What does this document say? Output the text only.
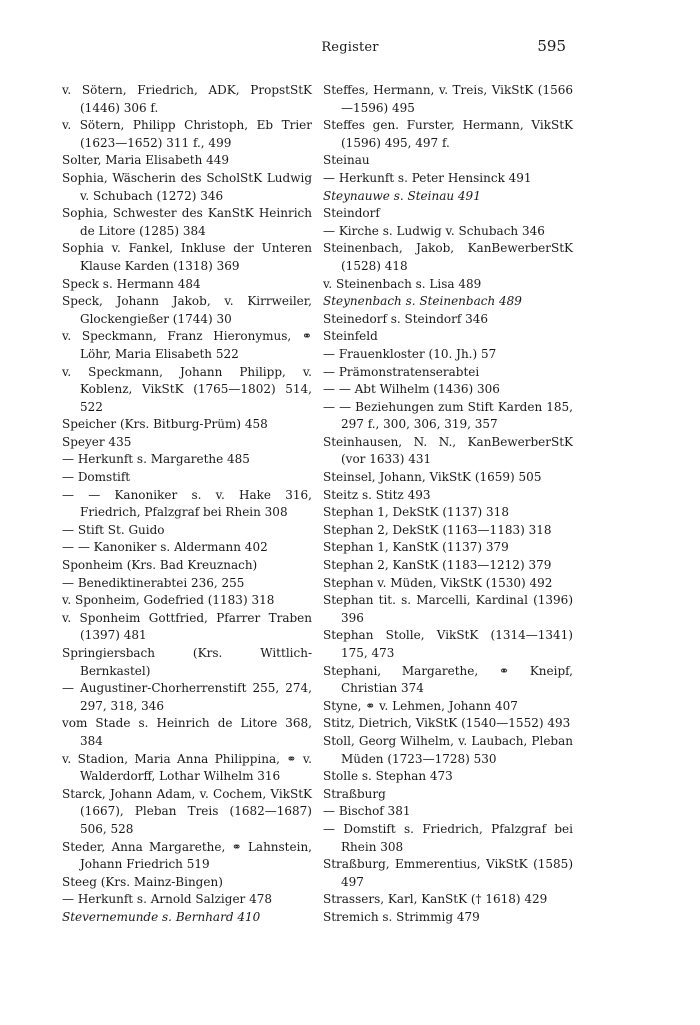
Register	595
v. Sötern, Friedrich, ADK, PropstStK (1446) 306 f.
v. Sötern, Philipp Christoph, Eb Trier (1623—1652) 311 f., 499
Solter, Maria Elisabeth 449
Sophia, Wäscherin des ScholStK Ludwig v. Schubach (1272) 346
Sophia, Schwester des KanStK Heinrich de Litore (1285) 384
Sophia v. Fankel, Inkluse der Unteren Klause Karden (1318) 369
Speck s. Hermann 484
Speck, Johann Jakob, v. Kirrweiler, Glockengießer (1744) 30
v. Speckmann, Franz Hieronymus, ⚭ Löhr, Maria Elisabeth 522
v. Speckmann, Johann Philipp, v. Koblenz, VikStK (1765—1802) 514, 522
Speicher (Krs. Bitburg-Prüm) 458
Speyer 435
— Herkunft s. Margarethe 485
— Domstift
— — Kanoniker s. v. Hake 316, Friedrich, Pfalzgraf bei Rhein 308
— Stift St. Guido
— — Kanoniker s. Aldermann 402
Sponheim (Krs. Bad Kreuznach)
— Benediktinerabtei 236, 255
v. Sponheim, Godefried (1183) 318
v. Sponheim Gottfried, Pfarrer Traben (1397) 481
Springiersbach (Krs. Wittlich-Bernkastel)
— Augustiner-Chorherrenstift 255, 274, 297, 318, 346
vom Stade s. Heinrich de Litore 368, 384
v. Stadion, Maria Anna Philippina, ⚭ v. Walderdorff, Lothar Wilhelm 316
Starck, Johann Adam, v. Cochem, VikStK (1667), Pleban Treis (1682—1687) 506, 528
Steder, Anna Margarethe, ⚭ Lahnstein, Johann Friedrich 519
Steeg (Krs. Mainz-Bingen)
— Herkunft s. Arnold Salziger 478
Stevernemunde s. Bernhard 410
Steffes, Hermann, v. Treis, VikStK (1566—1596) 495
Steffes gen. Furster, Hermann, VikStK (1596) 495, 497 f.
Steinau
— Herkunft s. Peter Hensinck 491
Steynauwe s. Steinau 491
Steindorf
— Kirche s. Ludwig v. Schubach 346
Steinenbach, Jakob, KanBewerberStK (1528) 418
v. Steinenbach s. Lisa 489
Steynenbach s. Steinenbach 489
Steinedorf s. Steindorf 346
Steinfeld
— Frauenkloster (10. Jh.) 57
— Prämonstratenserabtei
— — Abt Wilhelm (1436) 306
— — Beziehungen zum Stift Karden 185, 297 f., 300, 306, 319, 357
Steinhausen, N. N., KanBewerberStK (vor 1633) 431
Steinsel, Johann, VikStK (1659) 505
Steitz s. Stitz 493
Stephan 1, DekStK (1137) 318
Stephan 2, DekStK (1163—1183) 318
Stephan 1, KanStK (1137) 379
Stephan 2, KanStK (1183—1212) 379
Stephan v. Müden, VikStK (1530) 492
Stephan tit. s. Marcelli, Kardinal (1396) 396
Stephan Stolle, VikStK (1314—1341) 175, 473
Stephani, Margarethe, ⚭ Kneipf, Christian 374
Styne, ⚭ v. Lehmen, Johann 407
Stitz, Dietrich, VikStK (1540—1552) 493
Stoll, Georg Wilhelm, v. Laubach, Pleban Müden (1723—1728) 530
Stolle s. Stephan 473
Straßburg
— Bischof 381
— Domstift s. Friedrich, Pfalzgraf bei Rhein 308
Straßburg, Emmerentius, VikStK (1585) 497
Strassers, Karl, KanStK († 1618) 429
Stremich s. Strimmig 479
